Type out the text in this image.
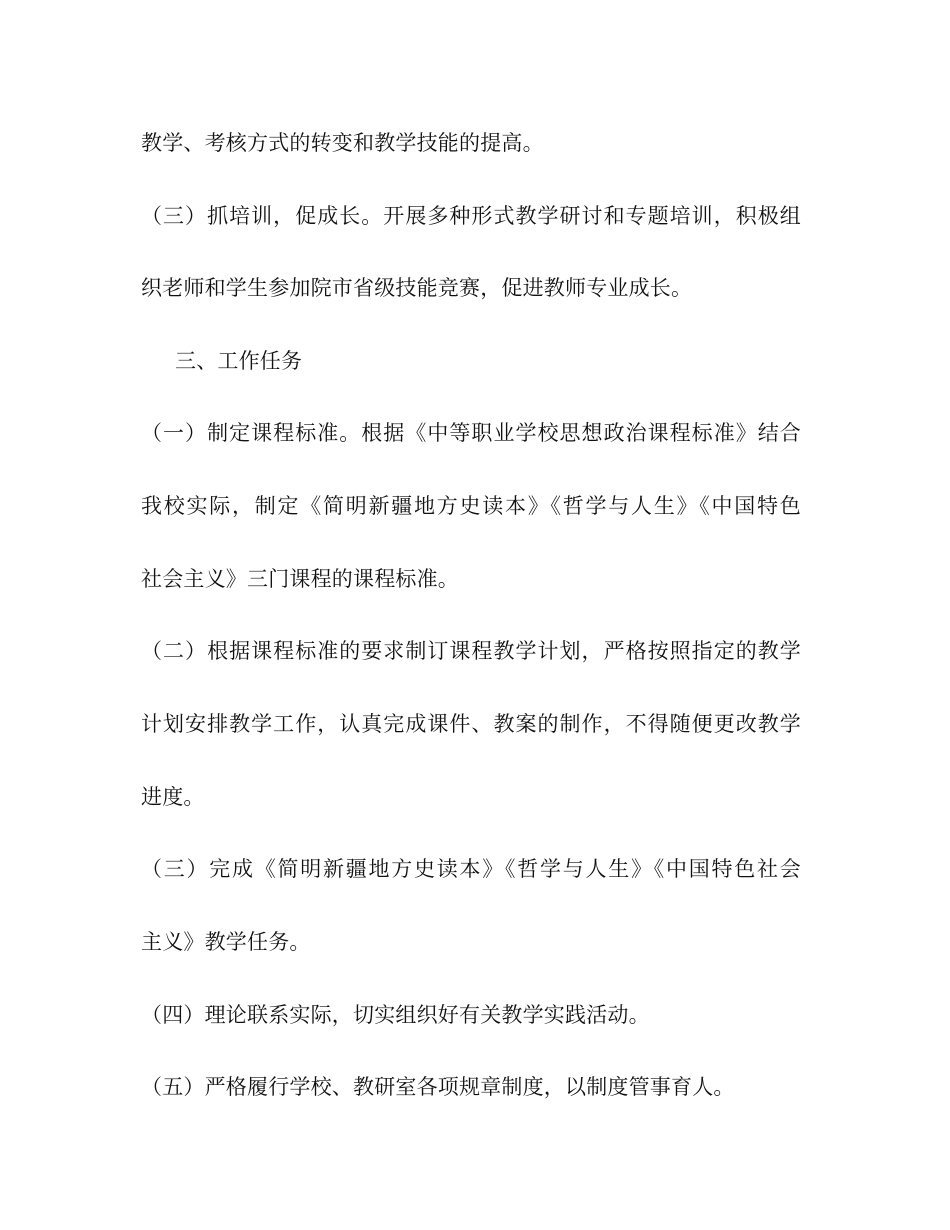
教学、考核方式的转变和教学技能的提高。
（三）抓培训，促成长。开展多种形式教学研讨和专题培训，积极组
织老师和学生参加院市省级技能竞赛，促进教师专业成长。
三、工作任务
（一）制定课程标准。根据《中等职业学校思想政治课程标准》结合
我校实际，制定《简明新疆地方史读本》《哲学与人生》《中国特色
社会主义》三门课程的课程标准。
（二）根据课程标准的要求制订课程教学计划，严格按照指定的教学
计划安排教学工作，认真完成课件、教案的制作，不得随便更改教学
进度。
（三）完成《简明新疆地方史读本》《哲学与人生》《中国特色社会
主义》教学任务。
（四）理论联系实际，切实组织好有关教学实践活动。
（五）严格履行学校、教研室各项规章制度，以制度管事育人。
